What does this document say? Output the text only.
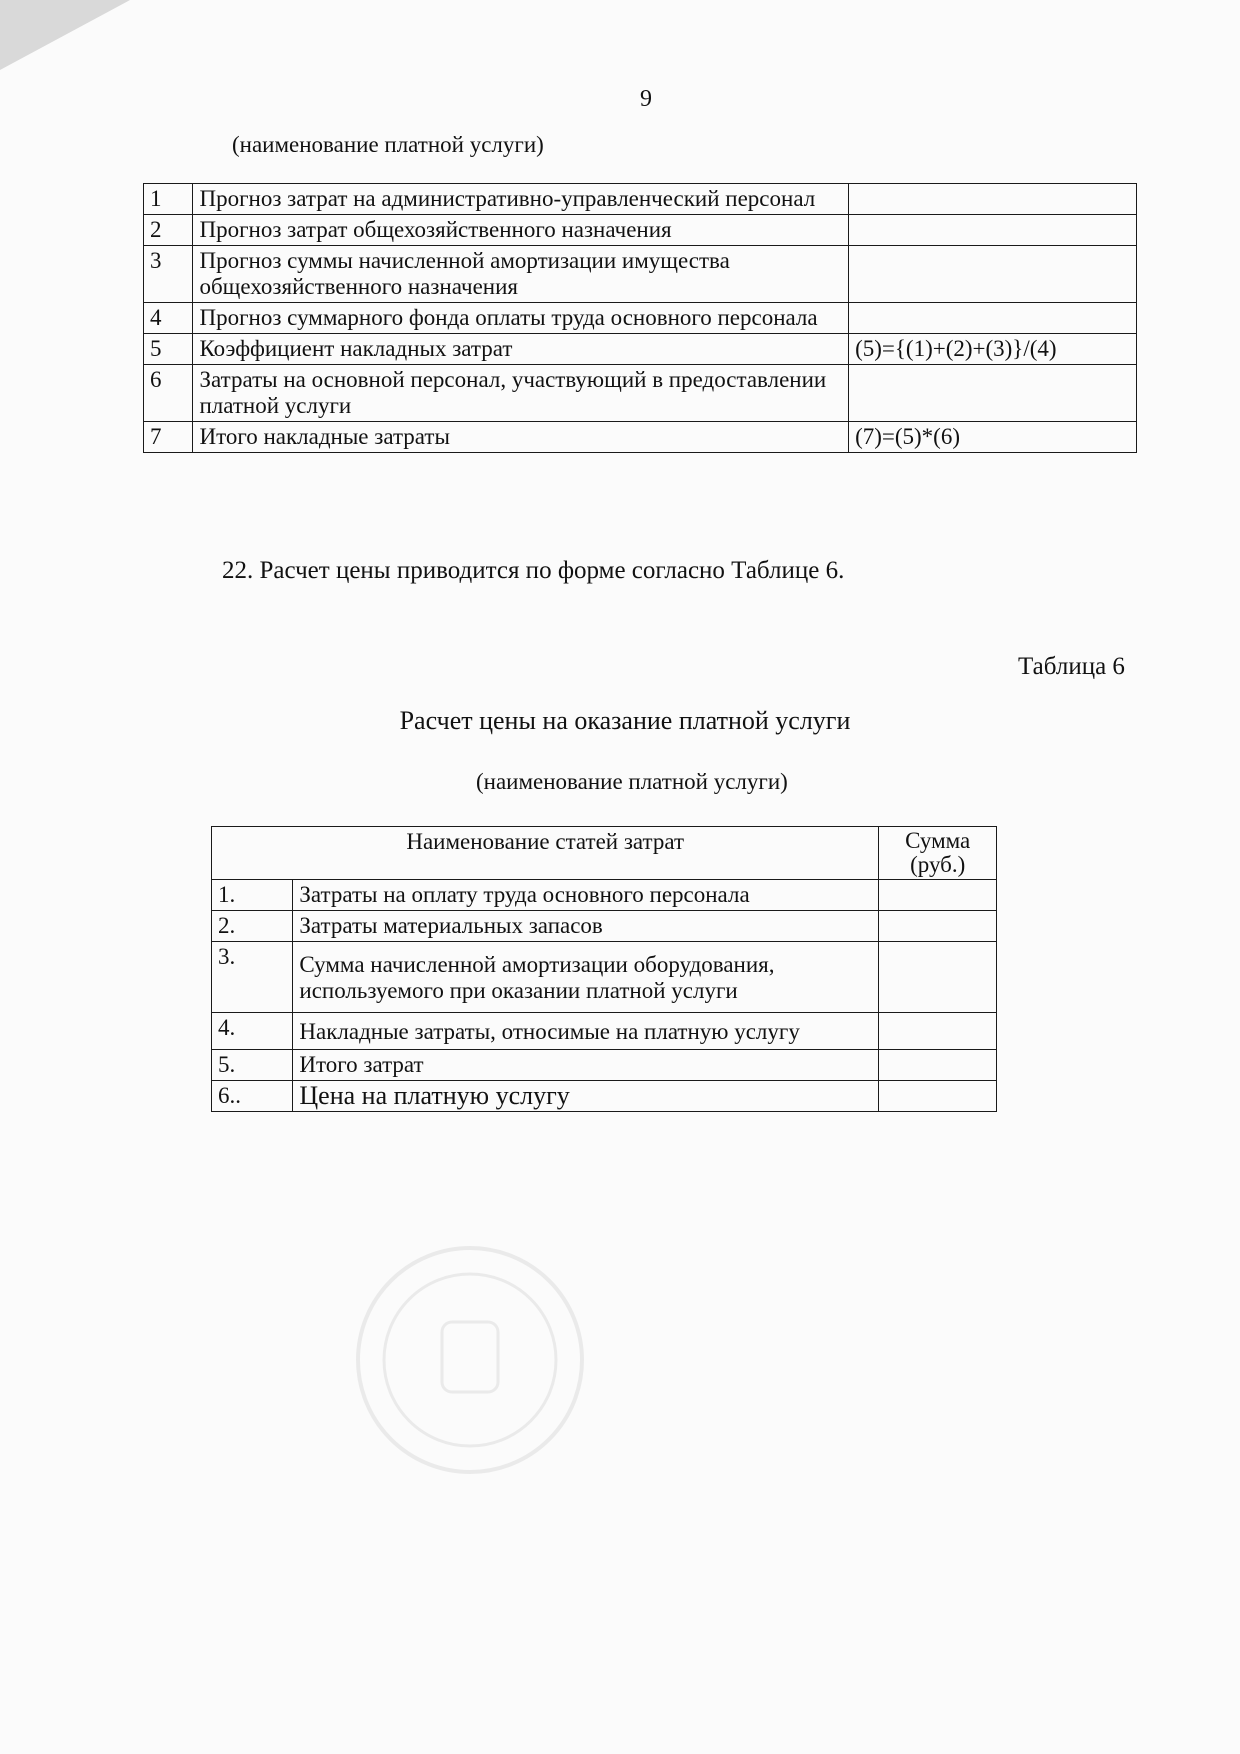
9
(наименование платной услуги)
1	Прогноз затрат на административно-управленческий персонал	
2	Прогноз затрат общехозяйственного назначения	
3	Прогноз суммы начисленной амортизации имущества общехозяйственного назначения	
4	Прогноз суммарного фонда оплаты труда основного персонала	
5	Коэффициент накладных затрат	(5)={(1)+(2)+(3)}/(4)
6	Затраты на основной персонал, участвующий в предоставлении платной услуги	
7	Итого накладные затраты	(7)=(5)*(6)
22. Расчет цены приводится по форме согласно Таблице 6.
Таблица 6
Расчет цены на оказание платной услуги
(наименование платной услуги)
Наименование статей затрат		Сумма (руб.)
1.	Затраты на оплату труда основного персонала	
2.	Затраты материальных запасов	
3.	Сумма начисленной амортизации оборудования, используемого при оказании платной услуги	
4.	Накладные затраты, относимые на платную услугу	
5.	Итого затрат	
6..	Цена на платную услугу	
